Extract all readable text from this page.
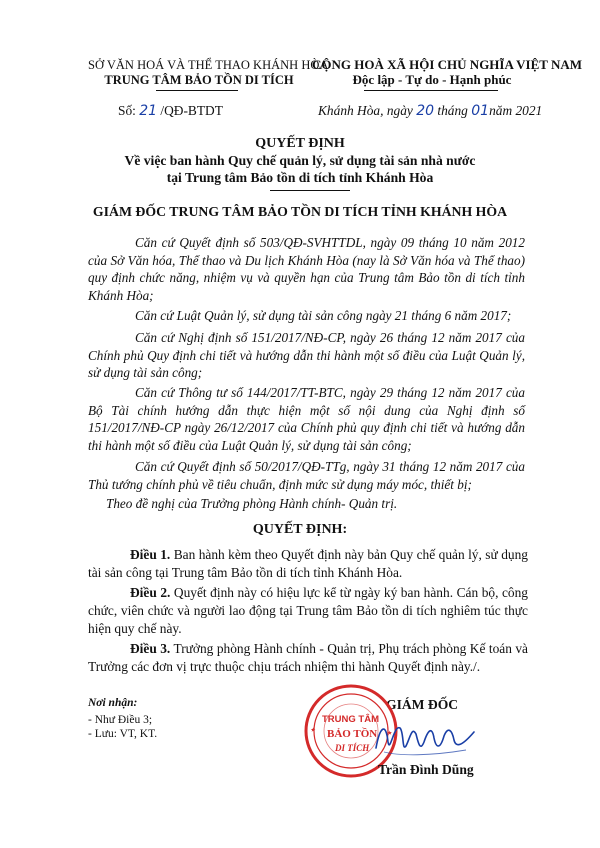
SỞ VĂN HOÁ VÀ THỂ THAO KHÁNH HÒA
TRUNG TÂM BẢO TỒN DI TÍCH
CỘNG HOÀ XÃ HỘI CHỦ NGHĨA VIỆT NAM
Độc lập - Tự do - Hạnh phúc
Số: 21 /QĐ-BTDT	Khánh Hòa, ngày 20 tháng 01năm 2021
QUYẾT ĐỊNH
Về việc ban hành Quy chế quản lý, sử dụng tài sản nhà nước
tại Trung tâm Bảo tồn di tích tỉnh Khánh Hòa
GIÁM ĐỐC TRUNG TÂM BẢO TỒN DI TÍCH TỈNH KHÁNH HÒA
Căn cứ Quyết định số 503/QĐ-SVHTTDL, ngày 09 tháng 10 năm 2012 của Sở Văn hóa, Thể thao và Du lịch Khánh Hòa (nay là Sở Văn hóa và Thể thao) quy định chức năng, nhiệm vụ và quyền hạn của Trung tâm Bảo tồn di tích tỉnh Khánh Hòa;
Căn cứ Luật Quản lý, sử dụng tài sản công ngày 21 tháng 6 năm 2017;
Căn cứ Nghị định số 151/2017/NĐ-CP, ngày 26 tháng 12 năm 2017 của Chính phủ Quy định chi tiết và hướng dẫn thi hành một số điều của Luật Quản lý, sử dụng tài sản công;
Căn cứ Thông tư số 144/2017/TT-BTC, ngày 29 tháng 12 năm 2017 của Bộ Tài chính hướng dẫn thực hiện một số nội dung của Nghị định số 151/2017/NĐ-CP ngày 26/12/2017 của Chính phủ quy định chi tiết và hướng dẫn thi hành một số điều của Luật Quản lý, sử dụng tài sản công;
Căn cứ Quyết định số 50/2017/QĐ-TTg, ngày 31 tháng 12 năm 2017 của Thủ tướng chính phủ về tiêu chuẩn, định mức sử dụng máy móc, thiết bị;
Theo đề nghị của Trưởng phòng Hành chính- Quản trị.
QUYẾT ĐỊNH:
Điều 1. Ban hành kèm theo Quyết định này bản Quy chế quản lý, sử dụng tài sản công tại Trung tâm Bảo tồn di tích tỉnh Khánh Hòa.
Điều 2. Quyết định này có hiệu lực kể từ ngày ký ban hành. Cán bộ, công chức, viên chức và người lao động tại Trung tâm Bảo tồn di tích nghiêm túc thực hiện quy chế này.
Điều 3. Trưởng phòng Hành chính - Quản trị, Phụ trách phòng Kế toán và Trưởng các đơn vị trực thuộc chịu trách nhiệm thi hành Quyết định này./.
Nơi nhận:
- Như Điều 3;
- Lưu: VT, KT.
GIÁM ĐỐC
★	★
TRUNG TÂM
BẢO TỒN
DI TÍCH
Trần Đình Dũng
